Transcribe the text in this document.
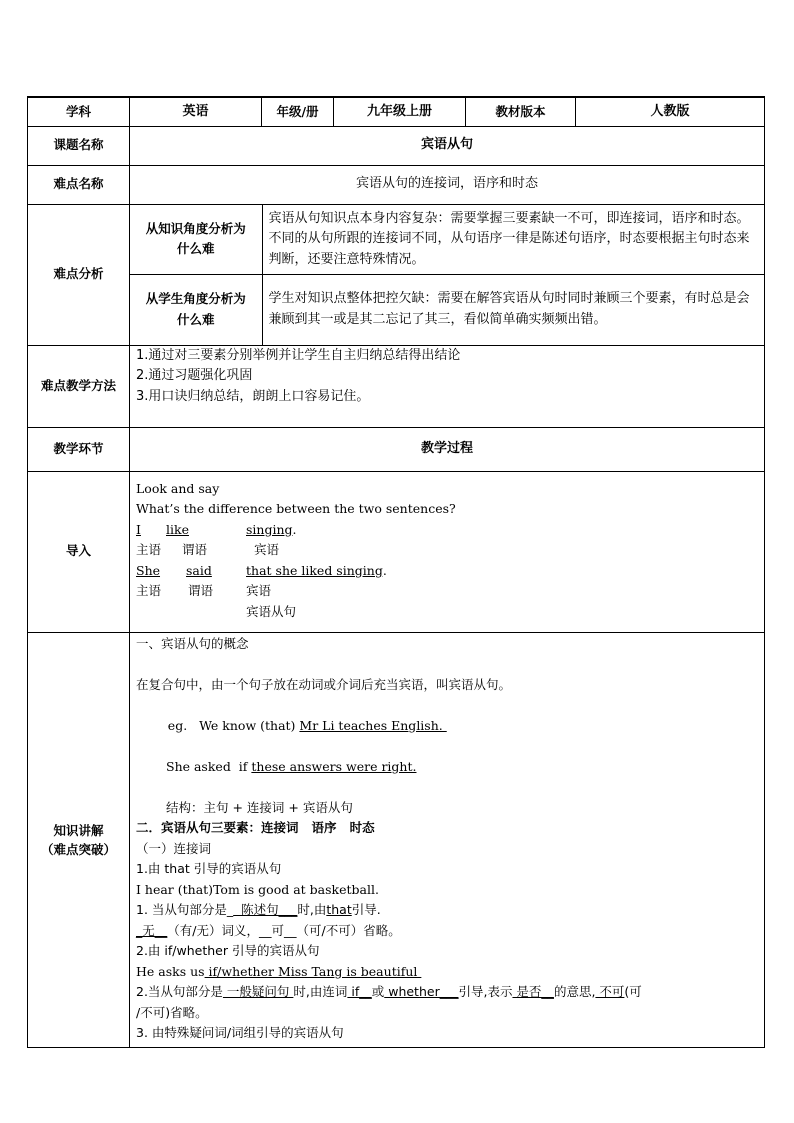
学科	英语	年级/册	九年级上册	教材版本	人教版
课题名称	宾语从句
难点名称	宾语从句的连接词，语序和时态
难点分析	
从知识角度分析为什么难	宾语从句知识点本身内容复杂：需要掌握三要素缺一不可，即连接词，语序和时态。不同的从句所跟的连接词不同，从句语序一律是陈述句语序，时态要根据主句时态来判断，还要注意特殊情况。
从学生角度分析为什么难	学生对知识点整体把控欠缺：需要在解答宾语从句时同时兼顾三个要素，有时总是会兼顾到其一或是其二忘记了其三，看似简单确实频频出错。

难点教学方法	
1.通过对三要素分别举例并让学生自主归纳总结得出结论
2.通过习题强化巩固
3.用口诀归纳总结，朗朗上口容易记住。

教学环节	教学过程
导入	
Look and say
What’s the difference between the two sentences?
I like	singing.
主语 谓语	宾语
She said	that she liked singing.
主语 谓语	宾语
宾语从句

知识讲解
（难点突破）

一、宾语从句的概念

在复合句中，由一个句子放在动词或介词后充当宾语，叫宾语从句。

eg. We know (that) Mr Li teaches English.

She asked  if these answers were right.

结构：主句 + 连接词 + 宾语从句
二．宾语从句三要素：连接词   语序   时态
（一）连接词
1.由 that 引导的宾语从句
I hear (that)Tom is good at basketball.
1. 当从句部分是_  陈述句___时,由that引导.
_无__（有/无）词义，__可__（可/不可）省略。
2.由 if/whether 引导的宾语从句
He asks us if/whether Miss Tang is beautiful
2.当从句部分是 一般疑问句 时,由连词 if__或 whether___引导,表示 是否__的意思, 不可(可
/不可)省略。
3. 由特殊疑问词/词组引导的宾语从句
